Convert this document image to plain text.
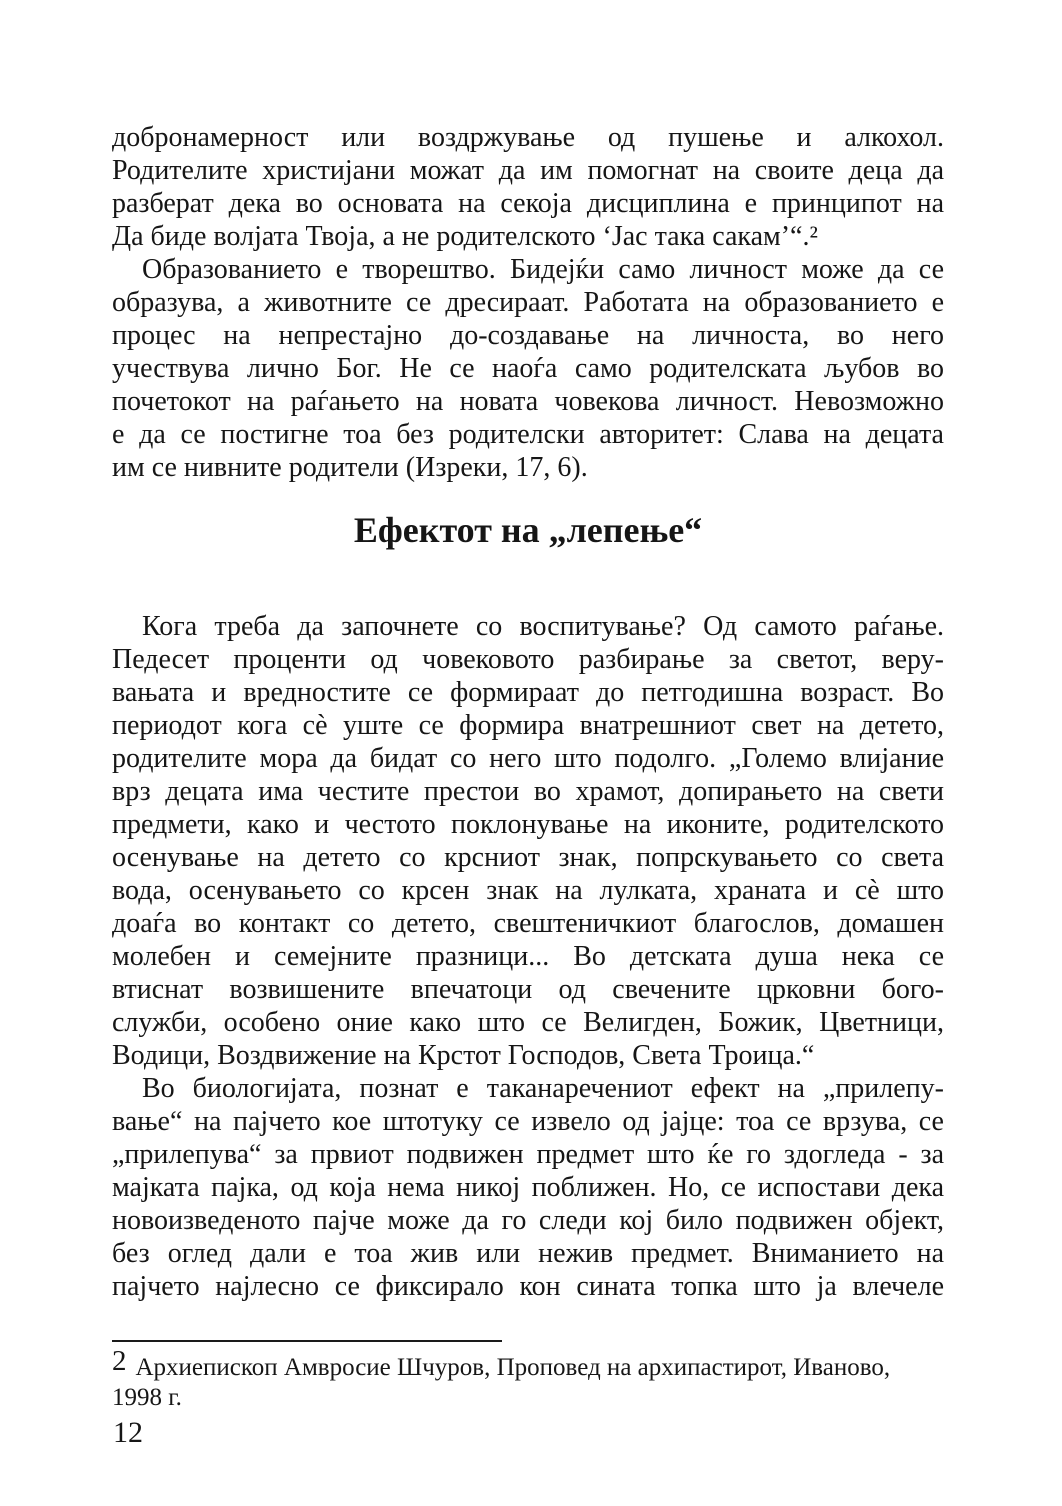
добронамерност или воздржување од пушење и алкохол.
Родителите христијани можат да им помогнат на своите деца да
разберат дека во основата на секоја дисциплина е принципот на
Да биде волјата Твоја, а не родителското ‘Јас така сакам’“.²
Образованието е творештво. Бидејќи само личност може да се
образува, а животните се дресираат. Работата на образованието е
процес на непрестајно до-создавање на личноста, во него
учествува лично Бог. Не се наоѓа само родителската љубов во
почетокот на раѓањето на новата човекова личност. Невозможно
е да се постигне тоа без родителски авторитет: Слава на децата
им се нивните родители (Изреки, 17, 6).
Ефектот на „лепење“
Кога треба да започнете со воспитување? Од самото раѓање.
Педесет проценти од човековото разбирање за светот, веру-
вањата и вредностите се формираат до петгодишна возраст. Во
периодот кога сѐ уште се формира внатрешниот свет на детето,
родителите мора да бидат со него што подолго. „Големо влијание
врз децата има честите престои во храмот, допирањето на свети
предмети, како и честото поклонување на иконите, родителското
осенување на детето со крсниот знак, попрскувањето со света
вода, осенувањето со крсен знак на лулката, храната и сѐ што
доаѓа во контакт со детето, свештеничкиот благослов, домашен
молебен и семејните празници... Во детската душа нека се
втиснат возвишените впечатоци од свечените црковни бого-
служби, особено оние како што се Велигден, Божик, Цветници,
Водици, Воздвижение на Крстот Господов, Света Троица.“
Во биологијата, познат е таканаречениот ефект на „прилепу-
вање“ на пајчето кое штотуку се извело од јајце: тоа се врзува, се
„прилепува“ за првиот подвижен предмет што ќе го здогледа - за
мајката пајка, од која нема никој поближен. Но, се испостави дека
новоизведеното пајче може да го следи кој било подвижен објект,
без оглед дали е тоа жив или нежив предмет. Вниманието на
пајчето најлесно се фиксирало кон сината топка што ја влечеле
2 Архиепископ Амвросие Шчуров, Проповед на архипастирот, Иваново, 1998 г.
12
